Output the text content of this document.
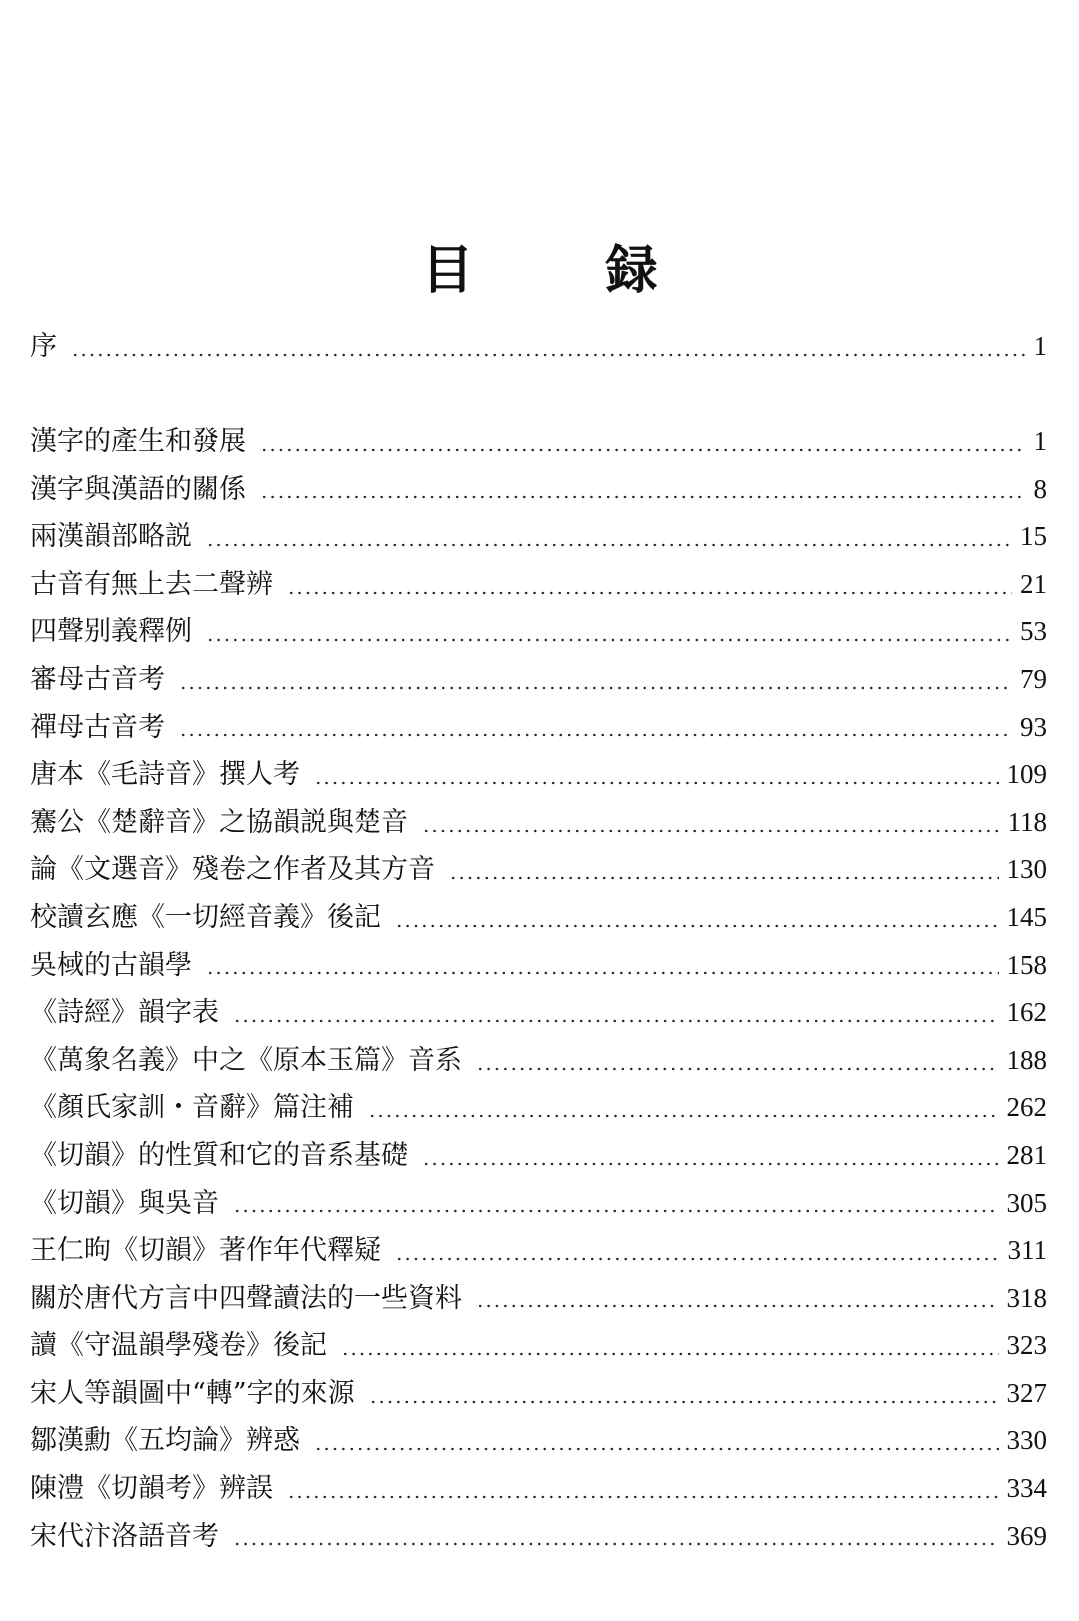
目　録
序	1
漢字的產生和發展	1
漢字與漢語的關係	8
兩漢韻部略説	15
古音有無上去二聲辨	21
四聲别義釋例	53
審母古音考	79
禪母古音考	93
唐本《毛詩音》撰人考	109
騫公《楚辭音》之協韻説與楚音	118
論《文選音》殘卷之作者及其方音	130
校讀玄應《一切經音義》後記	145
吳棫的古韻學	158
《詩經》韻字表	162
《萬象名義》中之《原本玉篇》音系	188
《顏氏家訓・音辭》篇注補	262
《切韻》的性質和它的音系基礎	281
《切韻》與吳音	305
王仁昫《切韻》著作年代釋疑	311
關於唐代方言中四聲讀法的一些資料	318
讀《守温韻學殘卷》後記	323
宋人等韻圖中“轉”字的來源	327
鄒漢勳《五均論》辨惑	330
陳澧《切韻考》辨誤	334
宋代汴洛語音考	369
